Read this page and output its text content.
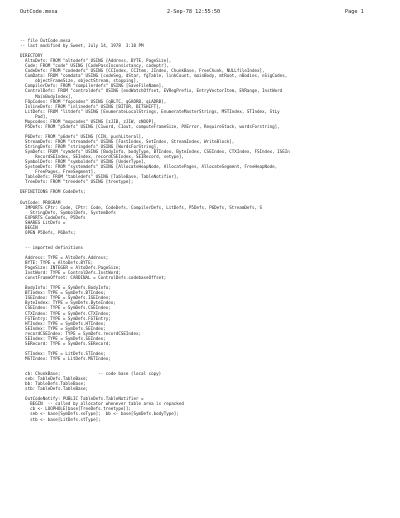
OutCode.mesa	2-Sep-78 12:55:50	Page 1
-- file OutCode.mesa
-- last modified by Sweet, July 14, 1978  3:10 PM
DIRECTORY
AltoDefs: FROM "altodefs" USING [Address, BYTE, PageSize],
Code: FROM "code" USING [CodePassInconsistancy, codeptr],
CodeDefs: FROM "codedefs" USING [CCIndex, CCItem, JIndex, ChunkBase, FreeChunk, NULLfileIndex],
ComData: FROM "comdata" USING [codeSeg, dStar, fgTable, linkCount, mainBody, mtRoot, nBodies, nSigCodes,
objectFrameSize, objectStream, stopping],
CompilerDefs: FROM "compilerdefs" USING [SaveFileName],
ControlDefs: FROM "controldefs" USING [endWatchOffset, EVRegPrefix, EntryVectorItem, EVRange, InstWord
MainBodyIndex],
FOpCodes: FROM "fopcodes" USING [qBLTC, qGADRB, qLADRB],
InlineDefs: FROM "inlinedefs" USING [BITOR, BITSHIFT],
LitDefs: FROM "litdefs" USING [EnumerateLocalStrings, EnumerateMasterStrings, MSTIndex, STIndex, StLy
Pad],
Mopcodes: FROM "mopcodes" USING [zJIB, zJIW, zNOOP],
P5Defs: FROM "p5defs" USING [C1word, C1out, computeFrameSize, PXError, RequireStack, wordsForstring],
P6Defs: FROM "p6defs" USING [CIN, pushLiteral],
StreamDefs: FROM "streamdefs" USING [FastIndex, SetIndex, StreamIndex, WriteBlock],
StringDefs: FROM "stringdefs" USING [WordsForString],
SymDefs: FROM "symdefs" USING [BodyInfo, bodyType, BTIndex, ByteIndex, CSEIndex, CTXIndex, FSIndex, ISEIn
RecordSEIndex, SEIndex, recordCSEIndex, SEIRecord, setype],
SymbolDefs: FROM "symboldefs" USING [UnderType],
SystemDefs: FROM "systemdefs" USING [AllocateHeapNode, AllocatePages, AllocateSegment, FreeHeapNode,
FreePages, FreeSegment],
TableDefs: FROM "tabledefs" USING [TableBase, TableNotifier],
TreeDefs: FROM "treedefs" USING [treetype];
DEFINITIONS FROM CodeDefs;
OutCode: PROGRAM
IMPORTS CPtr: Code, CPtr: Code, CodeDefs, CompilerDefs, LitDefs, P5Defs, P6Defs, StreamDefs, S
StringDefs, SymbolDefs, SystemDefs
EXPORTS CodeDefs, P5Defs
SHARES LitDefs =
BEGIN
OPEN P5Defs, P6Defs;
-- imported definitions
Address: TYPE = AltoDefs.Address;
BYTE: TYPE = AltoDefs.BYTE;
PageSize: INTEGER = AltoDefs.PageSize;
InstWord: TYPE = ControlDefs.InstWord;
constFrameOffset: CARDINAL = ControlDefs.codebaseOffset;
BodyInfo: TYPE = SymDefs.BodyInfo;
BTIndex: TYPE = SymDefs.BTIndex;
ISEIndex: TYPE = SymDefs.ISEIndex;
ByteIndex: TYPE = SymDefs.ByteIndex;
CSEIndex: TYPE = SymDefs.CSEIndex;
CTXIndex: TYPE = SymDefs.CTXIndex;
FGTEntry: TYPE = SymDefs.FGTEntry;
HTIndex: TYPE = SymDefs.HTIndex;
SEIndex: TYPE = SymDefs.SEIndex;
recordCSEIndex: TYPE = SymDefs.recordCSEIndex;
SEIndex: TYPE = SymDefs.SEIndex;
SERecord: TYPE = SymDefs.SERecord;
STIndex: TYPE = LitDefs.STIndex;
MSTIndex: TYPE = LitDefs.MSTIndex;
cb: ChunkBase;               -- code base (local copy)
seb: TableDefs.TableBase;
bb: TableDefs.TableBase;
stb: TableDefs.TableBase;
OutCodeNotify: PUBLIC TableDefs.TableNotifier =
BEGIN  -- called by allocator whenever table area is repacked
cb <- LOOPHOLE[base[TreeDefs.treetype]];
seb <- base[SymDefs.seType];  bb <- base[SymDefs.bodyType];
stb <- base[LitDefs.stType];
